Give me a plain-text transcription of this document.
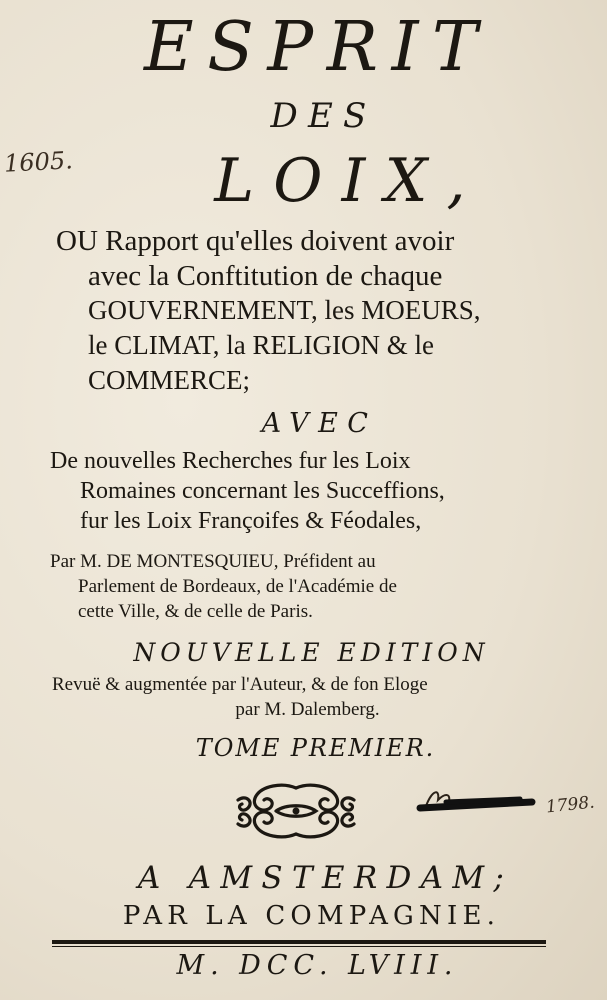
ESPRIT
DES
LOIX,
1605.
OU Rapport qu'elles doivent avoir
avec la Conftitution de chaque
GOUVERNEMENT, les MOEURS,
le CLIMAT, la RELIGION & le
COMMERCE;
AVEC
De nouvelles Recherches fur les Loix
Romaines concernant les Succeffions,
fur les Loix Françoifes & Féodales,
Par M. DE MONTESQUIEU, Préfident au
Parlement de Bordeaux, de l'Académie de
cette Ville, & de celle de Paris.
NOUVELLE EDITION
Revuë & augmentée par l'Auteur, & de fon Eloge
par M. Dalemberg.
TOME PREMIER.
1798.
A AMSTERDAM;
PAR LA COMPAGNIE.
M. DCC. LVIII.
